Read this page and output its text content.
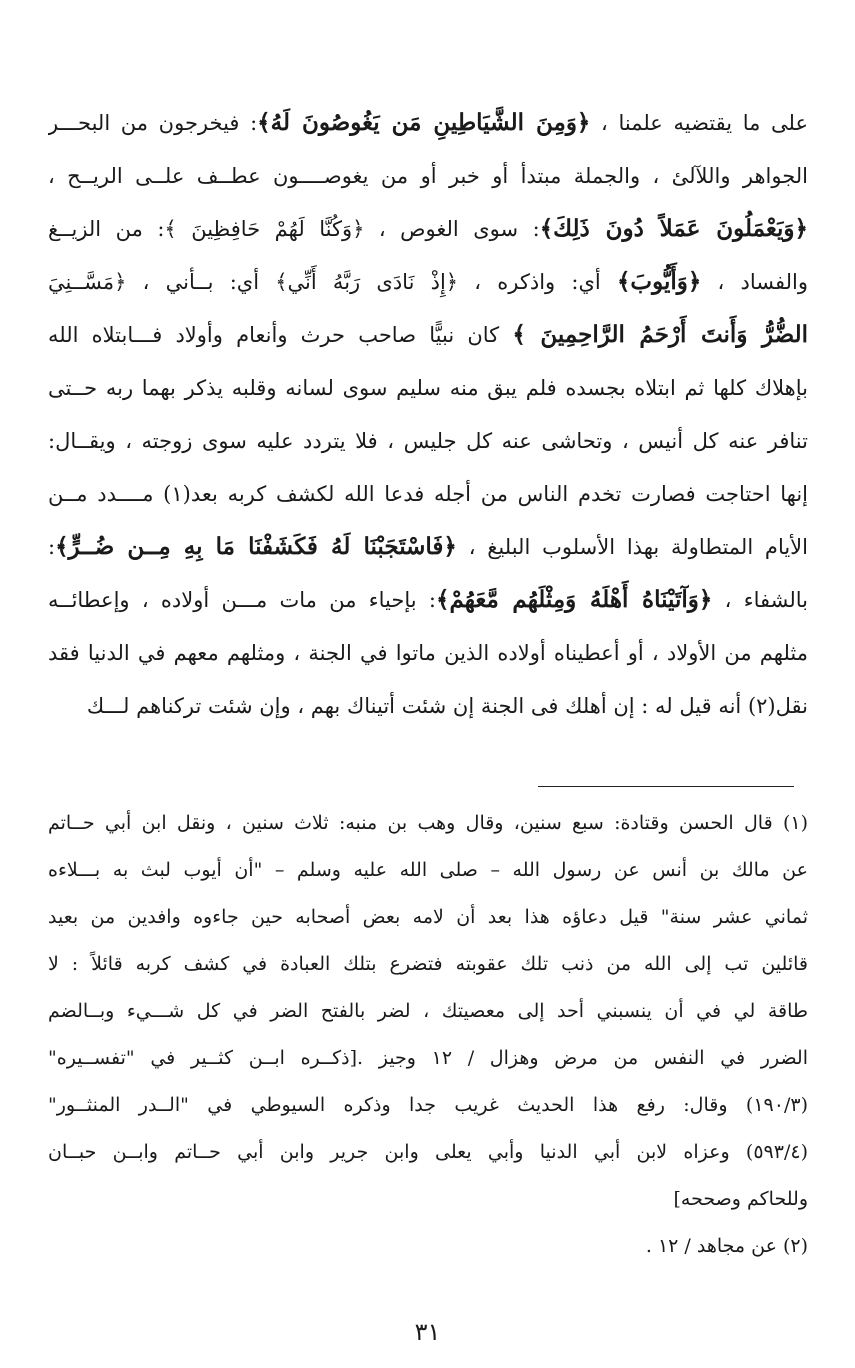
على ما يقتضيه علمنا ، ﴿وَمِنَ الشَّيَاطِينِ مَن يَغُوصُونَ لَهُ﴾: فيخرجون من البحـــر
الجواهر واللآلئ ، والجملة مبتدأ أو خبر أو من يغوصــــون عطــف علــى الريــح ،
﴿وَيَعْمَلُونَ عَمَلاً دُونَ ذَلِكَ﴾: سوى الغوص ، ﴿وَكُنَّا لَهُمْ حَافِظِينَ ﴾: من الزيــغ
والفساد ، ﴿وَأَيُّوبَ﴾ أي: واذكره ، ﴿إِذْ نَادَى رَبَّهُ أَنِّي﴾ أي: بــأني ، ﴿مَسَّــنِيَ
الضُّرُّ وَأَنتَ أَرْحَمُ الرَّاحِمِينَ ﴾ كان نبيًّا صاحب حرث وأنعام وأولاد فـــابتلاه الله
بإهلاك كلها ثم ابتلاه بجسده فلم يبق منه سليم سوى لسانه وقلبه يذكر بهما ربه حــتى
تنافر عنه كل أنيس ، وتحاشى عنه كل جليس ، فلا يتردد عليه سوى زوجته ، ويقــال:
إنها احتاجت فصارت تخدم الناس من أجله فدعا الله لكشف كربه بعد(١) مــــدد مــن
الأيام المتطاولة بهذا الأسلوب البليغ ، ﴿فَاسْتَجَبْنَا لَهُ فَكَشَفْنَا مَا بِهِ مِــن ضُــرٍّ﴾:
بالشفاء ، ﴿وَآتَيْنَاهُ أَهْلَهُ وَمِثْلَهُم مَّعَهُمْ﴾: بإحياء من مات مـــن أولاده ، وإعطائــه
مثلهم من الأولاد ، أو أعطيناه أولاده الذين ماتوا في الجنة ، ومثلهم معهم في الدنيا فقد
نقل(٢) أنه قيل له : إن أهلك فى الجنة إن شئت أتيناك بهم ، وإن شئت تركناهم لـــك
(١) قال الحسن وقتادة: سبع سنين، وقال وهب بن منبه: ثلاث سنين ، ونقل ابن أبي حــاتم
عن مالك بن أنس عن رسول الله – صلى الله عليه وسلم – "أن أيوب لبث به بـــلاءه
ثماني عشر سنة" قيل دعاؤه هذا بعد أن لامه بعض أصحابه حين جاءوه وافدين من بعيد
قائلين تب إلى الله من ذنب تلك عقوبته فتضرع بتلك العبادة في كشف كربه قائلاً : لا
طاقة لي في أن ينسبني أحد إلى معصيتك ، لضر بالفتح الضر في كل شـــيء وبــالضم
الضرر في النفس من مرض وهزال / ١٢ وجيز .[ذكــره ابــن كثــير في "تفســيره"
(١٩٠/٣) وقال: رفع هذا الحديث غريب جدا وذكره السيوطي في "الــدر المنثــور"
(٥٩٣/٤) وعزاه لابن أبي الدنيا وأبي يعلى وابن جرير وابن أبي حــاتم وابــن حبــان
وللحاكم وصححه]
(٢) عن مجاهد / ١٢ .
٣١
